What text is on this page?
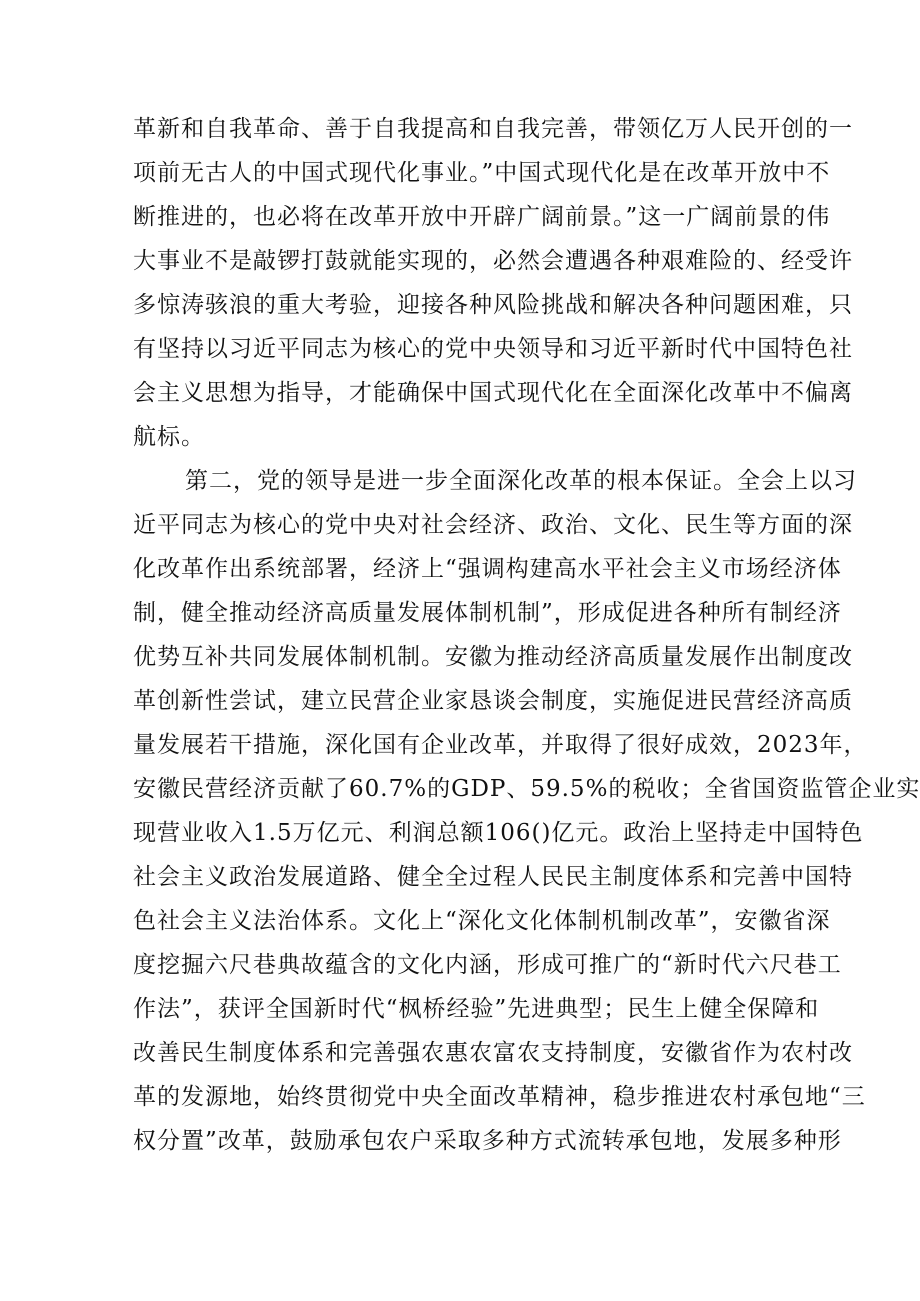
革新和自我革命、善于自我提高和自我完善，带领亿万人民开创的一
项前无古人的中国式现代化事业。”中国式现代化是在改革开放中不
断推进的，也必将在改革开放中开辟广阔前景。”这一广阔前景的伟
大事业不是敲锣打鼓就能实现的，必然会遭遇各种艰难险的、经受许
多惊涛骇浪的重大考验，迎接各种风险挑战和解决各种问题困难，只
有坚持以习近平同志为核心的党中央领导和习近平新时代中国特色社
会主义思想为指导，才能确保中国式现代化在全面深化改革中不偏离
航标。
第二，党的领导是进一步全面深化改革的根本保证。全会上以习
近平同志为核心的党中央对社会经济、政治、文化、民生等方面的深
化改革作出系统部署，经济上“强调构建高水平社会主义市场经济体
制，健全推动经济高质量发展体制机制”，形成促进各种所有制经济
优势互补共同发展体制机制。安徽为推动经济高质量发展作出制度改
革创新性尝试，建立民营企业家恳谈会制度，实施促进民营经济高质
量发展若干措施，深化国有企业改革，并取得了很好成效，2023年，
安徽民营经济贡献了60.7%的GDP、59.5%的税收；全省国资监管企业实
现营业收入1.5万亿元、利润总额106()亿元。政治上坚持走中国特色
社会主义政治发展道路、健全全过程人民民主制度体系和完善中国特
色社会主义法治体系。文化上“深化文化体制机制改革”，安徽省深
度挖掘六尺巷典故蕴含的文化内涵，形成可推广的“新时代六尺巷工
作法”，获评全国新时代“枫桥经验”先进典型；民生上健全保障和
改善民生制度体系和完善强农惠农富农支持制度，安徽省作为农村改
革的发源地，始终贯彻党中央全面改革精神，稳步推进农村承包地“三
权分置”改革，鼓励承包农户采取多种方式流转承包地，发展多种形
